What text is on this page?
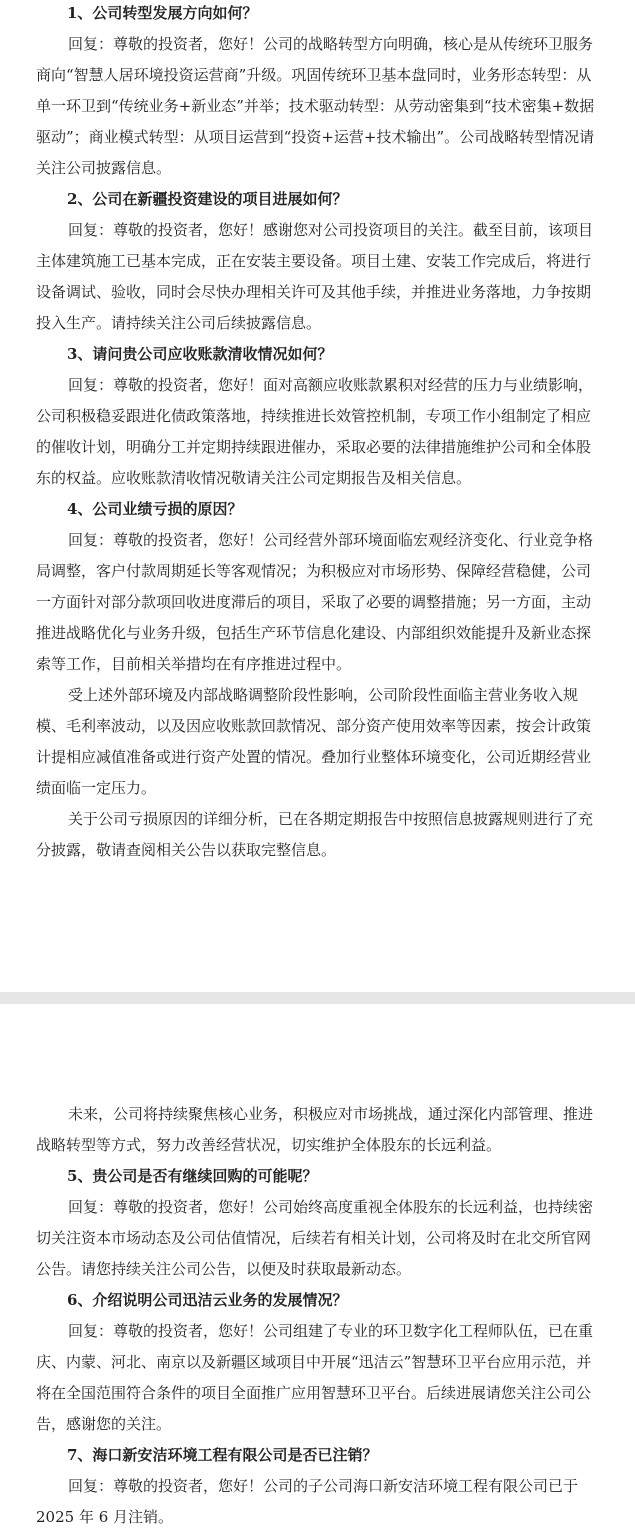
1、公司转型发展方向如何？

回复：尊敬的投资者，您好！公司的战略转型方向明确，核心是从传统环卫服务商向“智慧人居环境投资运营商”升级。巩固传统环卫基本盘同时，业务形态转型：从单一环卫到“传统业务+新业态”并举；技术驱动转型：从劳动密集到“技术密集+数据驱动”；商业模式转型：从项目运营到“投资+运营+技术输出”。公司战略转型情况请关注公司披露信息。

2、公司在新疆投资建设的项目进展如何？

回复：尊敬的投资者，您好！感谢您对公司投资项目的关注。截至目前，该项目主体建筑施工已基本完成，正在安装主要设备。项目土建、安装工作完成后，将进行设备调试、验收，同时会尽快办理相关许可及其他手续，并推进业务落地，力争按期投入生产。请持续关注公司后续披露信息。

3、请问贵公司应收账款清收情况如何？

回复：尊敬的投资者，您好！面对高额应收账款累积对经营的压力与业绩影响，公司积极稳妥跟进化债政策落地，持续推进长效管控机制，专项工作小组制定了相应的催收计划，明确分工并定期持续跟进催办，采取必要的法律措施维护公司和全体股东的权益。应收账款清收情况敬请关注公司定期报告及相关信息。

4、公司业绩亏损的原因？

回复：尊敬的投资者，您好！公司经营外部环境面临宏观经济变化、行业竞争格局调整，客户付款周期延长等客观情况；为积极应对市场形势、保障经营稳健，公司一方面针对部分款项回收进度滞后的项目，采取了必要的调整措施；另一方面，主动推进战略优化与业务升级，包括生产环节信息化建设、内部组织效能提升及新业态探索等工作，目前相关举措均在有序推进过程中。

受上述外部环境及内部战略调整阶段性影响，公司阶段性面临主营业务收入规模、毛利率波动，以及因应收账款回款情况、部分资产使用效率等因素，按会计政策计提相应减值准备或进行资产处置的情况。叠加行业整体环境变化，公司近期经营业绩面临一定压力。

关于公司亏损原因的详细分析，已在各期定期报告中按照信息披露规则进行了充分披露，敬请查阅相关公告以获取完整信息。

未来，公司将持续聚焦核心业务，积极应对市场挑战，通过深化内部管理、推进战略转型等方式，努力改善经营状况，切实维护全体股东的长远利益。

5、贵公司是否有继续回购的可能呢？

回复：尊敬的投资者，您好！公司始终高度重视全体股东的长远利益，也持续密切关注资本市场动态及公司估值情况，后续若有相关计划，公司将及时在北交所官网公告。请您持续关注公司公告，以便及时获取最新动态。

6、介绍说明公司迅洁云业务的发展情况？

回复：尊敬的投资者，您好！公司组建了专业的环卫数字化工程师队伍，已在重庆、内蒙、河北、南京以及新疆区域项目中开展“迅洁云”智慧环卫平台应用示范，并将在全国范围符合条件的项目全面推广应用智慧环卫平台。后续进展请您关注公司公告，感谢您的关注。

7、海口新安洁环境工程有限公司是否已注销？

回复：尊敬的投资者，您好！公司的子公司海口新安洁环境工程有限公司已于 2025 年 6 月注销。
